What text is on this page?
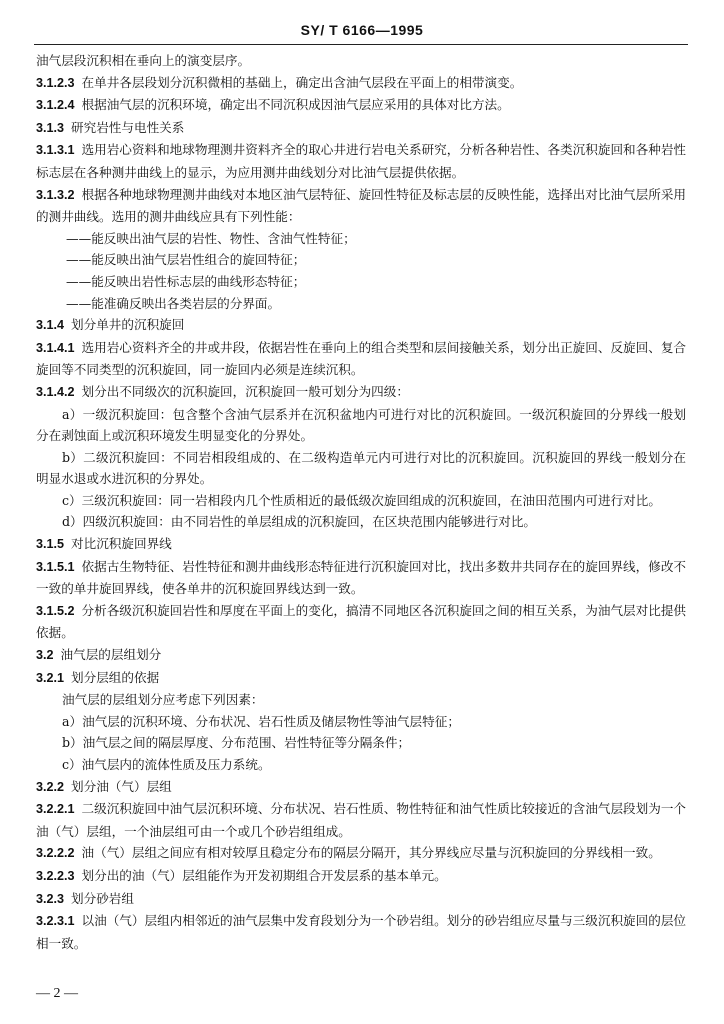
SY/ T 6166—1995
油气层段沉积相在垂向上的演变层序。
3.1.2.3 在单井各层段划分沉积微相的基础上，确定出含油气层段在平面上的相带演变。
3.1.2.4 根据油气层的沉积环境，确定出不同沉积成因油气层应采用的具体对比方法。
3.1.3 研究岩性与电性关系
3.1.3.1 选用岩心资料和地球物理测井资料齐全的取心井进行岩电关系研究，分析各种岩性、各类沉积旋回和各种岩性标志层在各种测井曲线上的显示，为应用测井曲线划分对比油气层提供依据。
3.1.3.2 根据各种地球物理测井曲线对本地区油气层特征、旋回性特征及标志层的反映性能，选择出对比油气层所采用的测井曲线。选用的测井曲线应具有下列性能：
——能反映出油气层的岩性、物性、含油气性特征；
——能反映出油气层岩性组合的旋回特征；
——能反映出岩性标志层的曲线形态特征；
——能准确反映出各类岩层的分界面。
3.1.4 划分单井的沉积旋回
3.1.4.1 选用岩心资料齐全的井或井段，依据岩性在垂向上的组合类型和层间接触关系，划分出正旋回、反旋回、复合旋回等不同类型的沉积旋回，同一旋回内必须是连续沉积。
3.1.4.2 划分出不同级次的沉积旋回，沉积旋回一般可划分为四级：
a）一级沉积旋回：包含整个含油气层系并在沉积盆地内可进行对比的沉积旋回。一级沉积旋回的分界线一般划分在剥蚀面上或沉积环境发生明显变化的分界处。
b）二级沉积旋回：不同岩相段组成的、在二级构造单元内可进行对比的沉积旋回。沉积旋回的界线一般划分在明显水退或水进沉积的分界处。
c）三级沉积旋回：同一岩相段内几个性质相近的最低级次旋回组成的沉积旋回，在油田范围内可进行对比。
d）四级沉积旋回：由不同岩性的单层组成的沉积旋回，在区块范围内能够进行对比。
3.1.5 对比沉积旋回界线
3.1.5.1 依据古生物特征、岩性特征和测井曲线形态特征进行沉积旋回对比，找出多数井共同存在的旋回界线，修改不一致的单井旋回界线，使各单井的沉积旋回界线达到一致。
3.1.5.2 分析各级沉积旋回岩性和厚度在平面上的变化，搞清不同地区各沉积旋回之间的相互关系，为油气层对比提供依据。
3.2 油气层的层组划分
3.2.1 划分层组的依据
油气层的层组划分应考虑下列因素：
a）油气层的沉积环境、分布状况、岩石性质及储层物性等油气层特征；
b）油气层之间的隔层厚度、分布范围、岩性特征等分隔条件；
c）油气层内的流体性质及压力系统。
3.2.2 划分油（气）层组
3.2.2.1 二级沉积旋回中油气层沉积环境、分布状况、岩石性质、物性特征和油气性质比较接近的含油气层段划为一个油（气）层组，一个油层组可由一个或几个砂岩组组成。
3.2.2.2 油（气）层组之间应有相对较厚且稳定分布的隔层分隔开，其分界线应尽量与沉积旋回的分界线相一致。
3.2.2.3 划分出的油（气）层组能作为开发初期组合开发层系的基本单元。
3.2.3 划分砂岩组
3.2.3.1 以油（气）层组内相邻近的油气层集中发育段划分为一个砂岩组。划分的砂岩组应尽量与三级沉积旋回的层位相一致。
— 2 —
